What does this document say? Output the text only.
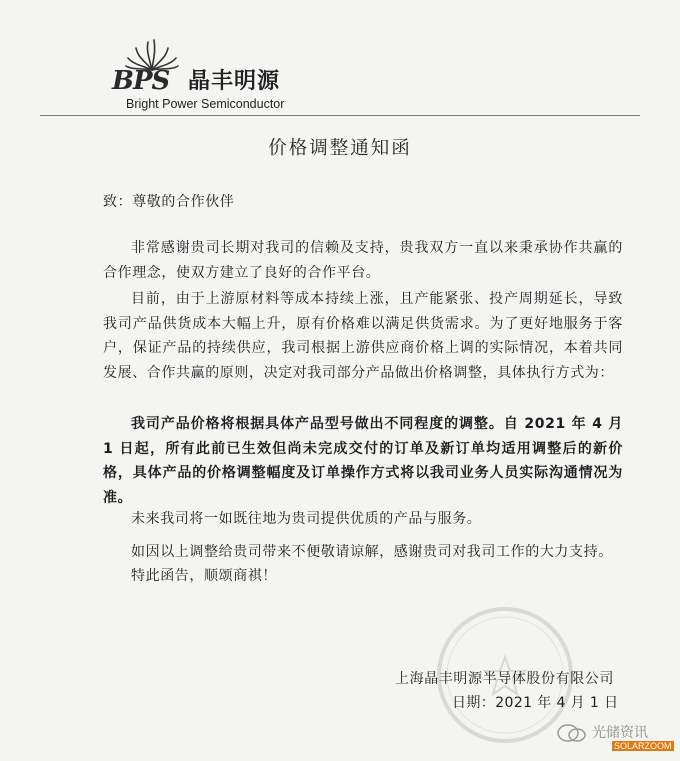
BPS 晶丰明源
Bright Power Semiconductor
价格调整通知函
致：尊敬的合作伙伴
非常感谢贵司长期对我司的信赖及支持，贵我双方一直以来秉承协作共赢的合作理念，使双方建立了良好的合作平台。
目前，由于上游原材料等成本持续上涨，且产能紧张、投产周期延长，导致我司产品供货成本大幅上升，原有价格难以满足供货需求。为了更好地服务于客户，保证产品的持续供应，我司根据上游供应商价格上调的实际情况，本着共同发展、合作共赢的原则，决定对我司部分产品做出价格调整，具体执行方式为：
我司产品价格将根据具体产品型号做出不同程度的调整。自 2021 年 4 月 1 日起，所有此前已生效但尚未完成交付的订单及新订单均适用调整后的新价格，具体产品的价格调整幅度及订单操作方式将以我司业务人员实际沟通情况为准。
未来我司将一如既往地为贵司提供优质的产品与服务。
如因以上调整给贵司带来不便敬请谅解，感谢贵司对我司工作的大力支持。
特此函告，顺颂商祺！
上海晶丰明源半导体股份有限公司
日期：2021 年 4 月 1 日
光储资讯
SOLARZOOM
